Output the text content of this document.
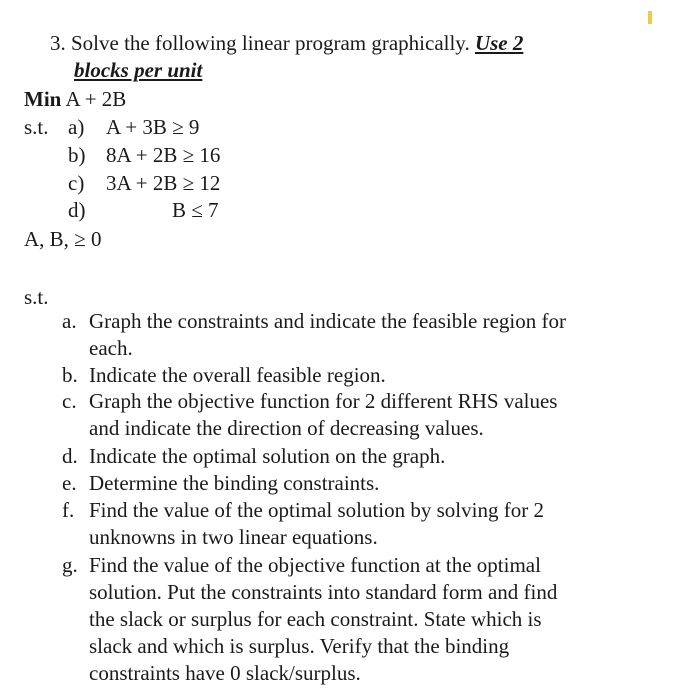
3. Solve the following linear program graphically. Use 2
blocks per unit
Min A + 2B
s.t. a) A + 3B ≥ 9
b) 8A + 2B ≥ 16
c) 3A + 2B ≥ 12
d)	B ≤ 7
A, B, ≥ 0
s.t.
a. Graph the constraints and indicate the feasible region for
each.
b. Indicate the overall feasible region.
c. Graph the objective function for 2 different RHS values
and indicate the direction of decreasing values.
d. Indicate the optimal solution on the graph.
e. Determine the binding constraints.
f. Find the value of the optimal solution by solving for 2
unknowns in two linear equations.
g. Find the value of the objective function at the optimal
solution. Put the constraints into standard form and find
the slack or surplus for each constraint. State which is
slack and which is surplus. Verify that the binding
constraints have 0 slack/surplus.
